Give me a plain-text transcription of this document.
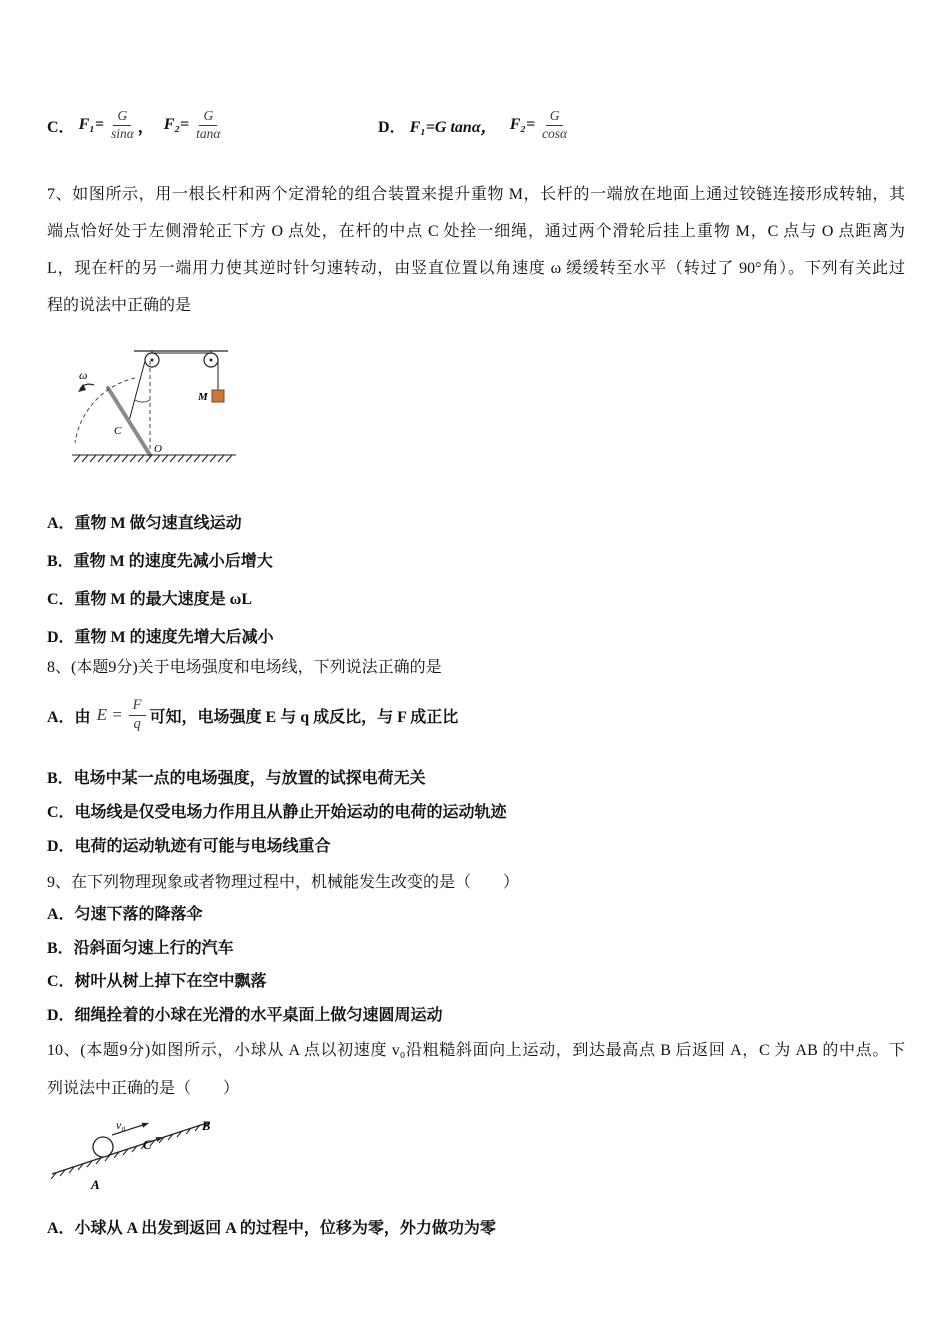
C． $F_1= \frac{G}{\sin\alpha}$ ， $F_2= \frac{G}{\tan\alpha}$	D． F₁=G tanα， $F_2= \frac{G}{\cos\alpha}$
7、如图所示，用一根长杆和两个定滑轮的组合装置来提升重物 M，长杆的一端放在地面上通过铰链连接形成转轴，其
端点恰好处于左侧滑轮正下方 O 点处，在杆的中点 C 处拴一细绳，通过两个滑轮后挂上重物 M，C 点与 O 点距离为
L，现在杆的另一端用力使其逆时针匀速转动，由竖直位置以角速度 ω 缓缓转至水平（转过了 90°角）。下列有关此过
程的说法中正确的是
ω
C
O
M
A．重物 M 做匀速直线运动
B．重物 M 的速度先减小后增大
C．重物 M 的最大速度是 ωL
D．重物 M 的速度先增大后减小
8、(本题9分)关于电场强度和电场线，下列说法正确的是
A．由 $E = \frac{F}{q}$ 可知，电场强度 E 与 q 成反比，与 F 成正比
B．电场中某一点的电场强度，与放置的试探电荷无关
C．电场线是仅受电场力作用且从静止开始运动的电荷的运动轨迹
D．电荷的运动轨迹有可能与电场线重合
9、在下列物理现象或者物理过程中，机械能发生改变的是（　　）
A．匀速下落的降落伞
B．沿斜面匀速上行的汽车
C．树叶从树上掉下在空中飘落
D．细绳拴着的小球在光滑的水平桌面上做匀速圆周运动
10、(本题9分)如图所示，小球从 A 点以初速度 v₀沿粗糙斜面向上运动，到达最高点 B 后返回 A，C 为 AB 的中点。下
列说法中正确的是（　　）
v₀
C
B
A
A．小球从 A 出发到返回 A 的过程中，位移为零，外力做功为零
